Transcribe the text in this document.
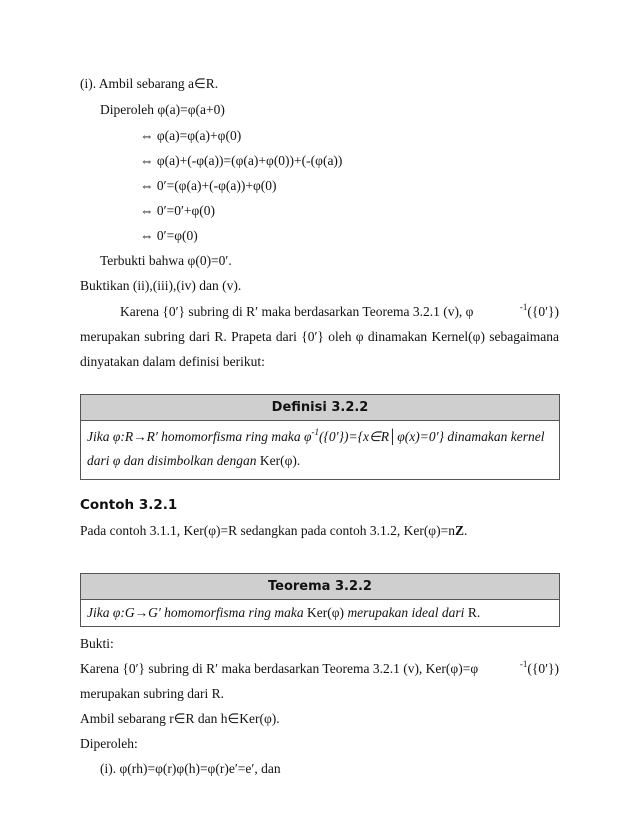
(i). Ambil sebarang a∈R.
Diperoleh φ(a)=φ(a+0)
⇔ φ(a)=φ(a)+φ(0)
⇔ φ(a)+(-φ(a))=(φ(a)+φ(0))+(-(φ(a))
⇔ 0′=(φ(a)+(-φ(a))+φ(0)
⇔ 0′=0′+φ(0)
⇔ 0′=φ(0)
Terbukti bahwa φ(0)=0′.
Buktikan (ii),(iii),(iv) dan (v).
Karena {0′} subring di R′ maka berdasarkan Teorema 3.2.1 (v), φ	$^{-1}$({0′})
merupakan subring dari R. Prapeta dari {0′} oleh φ dinamakan Kernel(φ) sebagaimana
dinyatakan dalam definisi berikut:
Definisi 3.2.2
Jika φ:R→R′ homomorfisma ring maka $\varphi^{-1}(\{0'\})=\{x\in R│\varphi(x)=0'\}$ dinamakan kernel
dari φ dan disimbolkan dengan Ker(φ).
Contoh 3.2.1
Pada contoh 3.1.1, Ker(φ)=R sedangkan pada contoh 3.1.2, Ker(φ)=nZ.
Teorema 3.2.2
Jika φ:G→G′ homomorfisma ring maka Ker(φ) merupakan ideal dari R.
Bukti:
Karena {0′} subring di R′ maka berdasarkan Teorema 3.2.1 (v), Ker(φ)=φ	$^{-1}$({0′})
merupakan subring dari R.
Ambil sebarang r∈R dan h∈Ker(φ).
Diperoleh:
(i). φ(rh)=φ(r)φ(h)=φ(r)e′=e′, dan
